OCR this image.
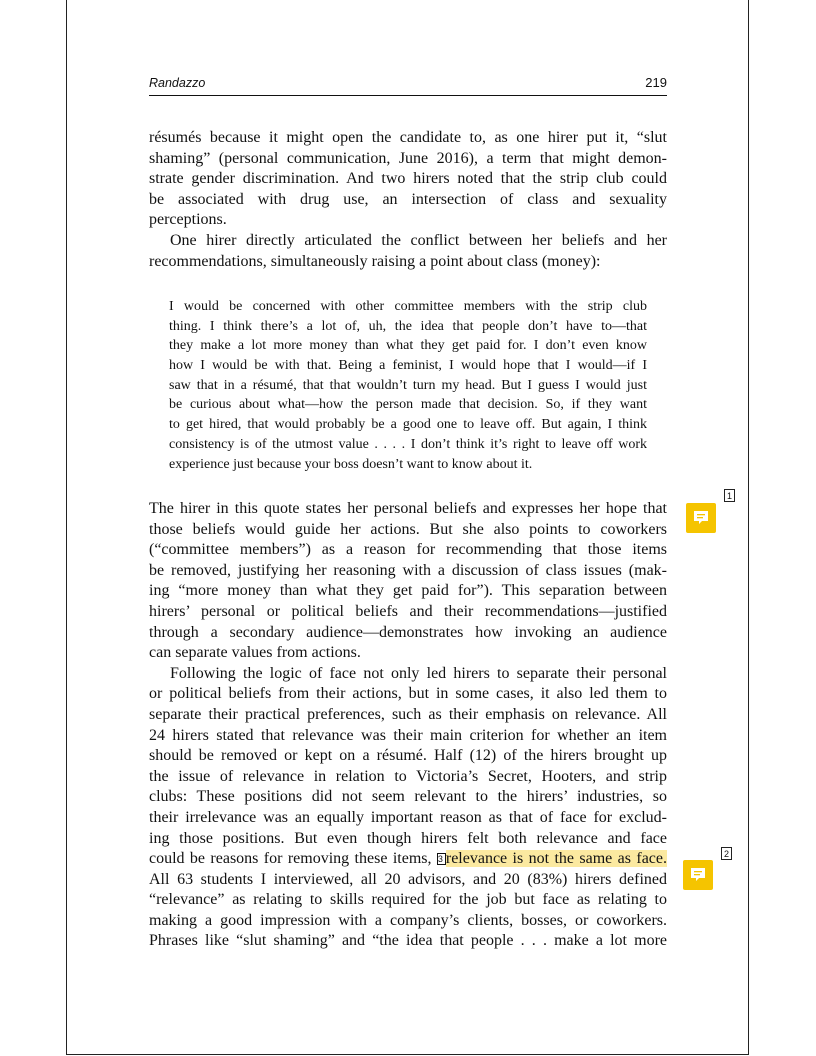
Randazzo	219
résumés because it might open the candidate to, as one hirer put it, “slut
shaming” (personal communication, June 2016), a term that might demon-
strate gender discrimination. And two hirers noted that the strip club could
be associated with drug use, an intersection of class and sexuality
perceptions.
One hirer directly articulated the conflict between her beliefs and her
recommendations, simultaneously raising a point about class (money):
I would be concerned with other committee members with the strip club
thing. I think there’s a lot of, uh, the idea that people don’t have to—that
they make a lot more money than what they get paid for. I don’t even know
how I would be with that. Being a feminist, I would hope that I would—if I
saw that in a résumé, that that wouldn’t turn my head. But I guess I would just
be curious about what—how the person made that decision. So, if they want
to get hired, that would probably be a good one to leave off. But again, I think
consistency is of the utmost value . . . . I don’t think it’s right to leave off work
experience just because your boss doesn’t want to know about it.
The hirer in this quote states her personal beliefs and expresses her hope that
those beliefs would guide her actions. But she also points to coworkers
(“committee members”) as a reason for recommending that those items
be removed, justifying her reasoning with a discussion of class issues (mak-
ing “more money than what they get paid for”). This separation between
hirers’ personal or political beliefs and their recommendations—justified
through a secondary audience—demonstrates how invoking an audience
can separate values from actions.
Following the logic of face not only led hirers to separate their personal
or political beliefs from their actions, but in some cases, it also led them to
separate their practical preferences, such as their emphasis on relevance. All
24 hirers stated that relevance was their main criterion for whether an item
should be removed or kept on a résumé. Half (12) of the hirers brought up
the issue of relevance in relation to Victoria’s Secret, Hooters, and strip
clubs: These positions did not seem relevant to the hirers’ industries, so
their irrelevance was an equally important reason as that of face for exclud-
ing those positions. But even though hirers felt both relevance and face
could be reasons for removing these items, 3 relevance is not the same as face.
All 63 students I interviewed, all 20 advisors, and 20 (83%) hirers defined
“relevance” as relating to skills required for the job but face as relating to
making a good impression with a company’s clients, bosses, or coworkers.
Phrases like “slut shaming” and “the idea that people . . . make a lot more
1
2
